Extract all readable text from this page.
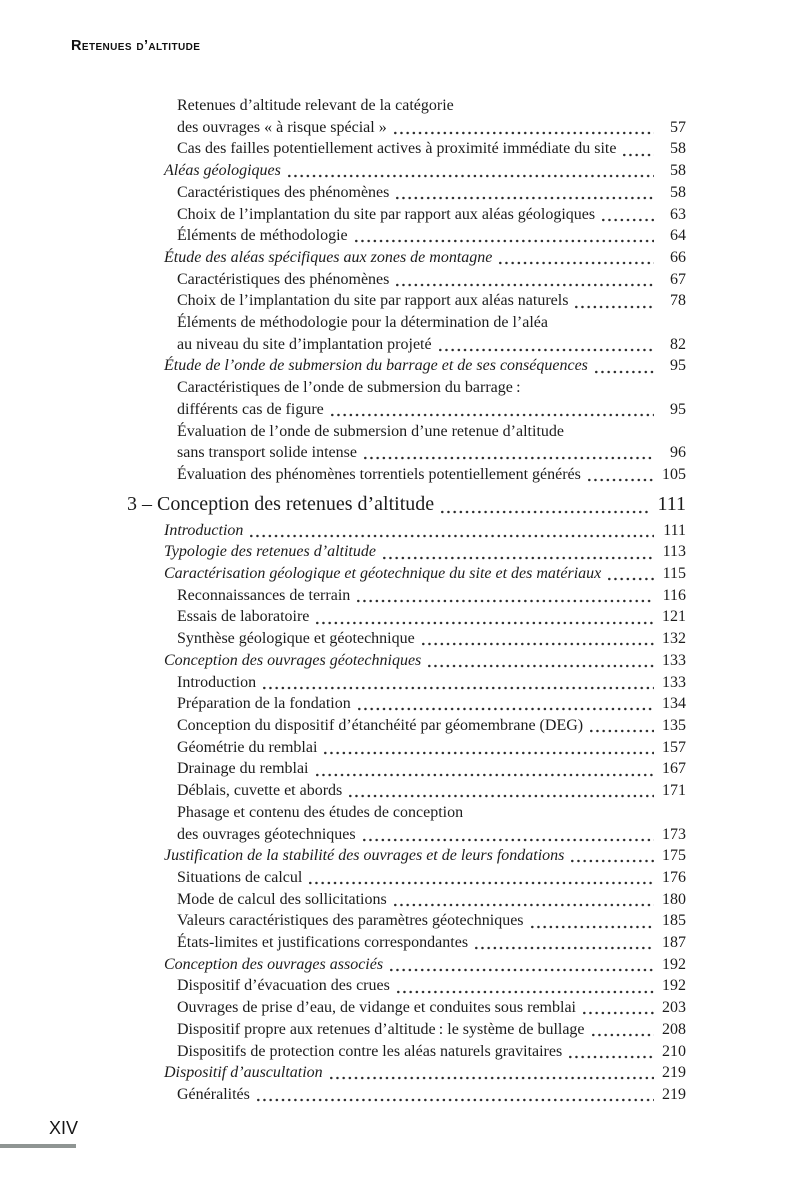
Retenues d’altitude
Retenues d’altitude relevant de la catégorie
des ouvrages « à risque spécial »	57
Cas des failles potentiellement actives à proximité immédiate du site	58
Aléas géologiques	58
Caractéristiques des phénomènes	58
Choix de l’implantation du site par rapport aux aléas géologiques	63
Éléments de méthodologie	64
Étude des aléas spécifiques aux zones de montagne	66
Caractéristiques des phénomènes	67
Choix de l’implantation du site par rapport aux aléas naturels	78
Éléments de méthodologie pour la détermination de l’aléa
au niveau du site d’implantation projeté	82
Étude de l’onde de submersion du barrage et de ses conséquences	95
Caractéristiques de l’onde de submersion du barrage :
différents cas de figure	95
Évaluation de l’onde de submersion d’une retenue d’altitude
sans transport solide intense	96
Évaluation des phénomènes torrentiels potentiellement générés	105
3 – Conception des retenues d’altitude	111
Introduction	111
Typologie des retenues d’altitude	113
Caractérisation géologique et géotechnique du site et des matériaux	115
Reconnaissances de terrain	116
Essais de laboratoire	121
Synthèse géologique et géotechnique	132
Conception des ouvrages géotechniques	133
Introduction	133
Préparation de la fondation	134
Conception du dispositif d’étanchéité par géomembrane (DEG)	135
Géométrie du remblai	157
Drainage du remblai	167
Déblais, cuvette et abords	171
Phasage et contenu des études de conception
des ouvrages géotechniques	173
Justification de la stabilité des ouvrages et de leurs fondations	175
Situations de calcul	176
Mode de calcul des sollicitations	180
Valeurs caractéristiques des paramètres géotechniques	185
États-limites et justifications correspondantes	187
Conception des ouvrages associés	192
Dispositif d’évacuation des crues	192
Ouvrages de prise d’eau, de vidange et conduites sous remblai	203
Dispositif propre aux retenues d’altitude : le système de bullage	208
Dispositifs de protection contre les aléas naturels gravitaires	210
Dispositif d’auscultation	219
Généralités	219
XIV
